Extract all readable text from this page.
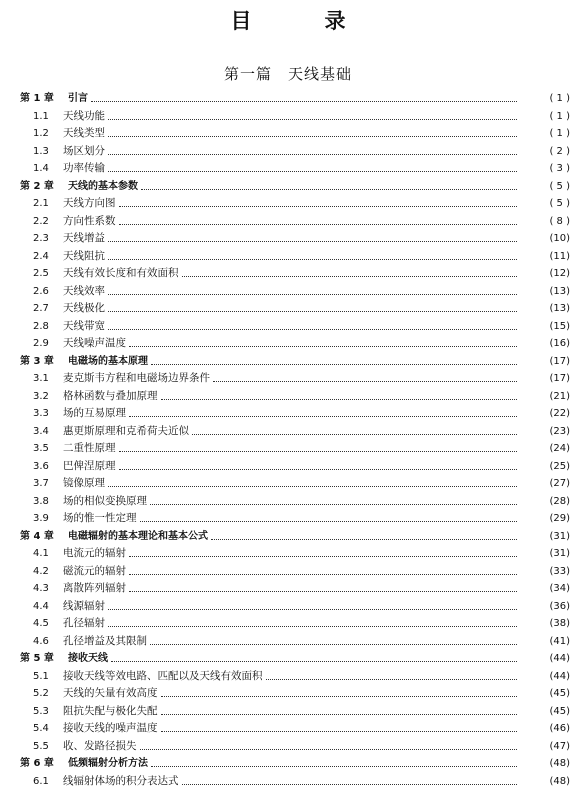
目　录
第一篇　天线基础
第 1 章	引言	( 1 )
1.1	天线功能	( 1 )
1.2	天线类型	( 1 )
1.3	场区划分	( 2 )
1.4	功率传输	( 3 )
第 2 章	天线的基本参数	( 5 )
2.1	天线方向图	( 5 )
2.2	方向性系数	( 8 )
2.3	天线增益	(10)
2.4	天线阻抗	(11)
2.5	天线有效长度和有效面积	(12)
2.6	天线效率	(13)
2.7	天线极化	(13)
2.8	天线带宽	(15)
2.9	天线噪声温度	(16)
第 3 章	电磁场的基本原理	(17)
3.1	麦克斯韦方程和电磁场边界条件	(17)
3.2	格林函数与叠加原理	(21)
3.3	场的互易原理	(22)
3.4	惠更斯原理和克希荷夫近似	(23)
3.5	二重性原理	(24)
3.6	巴俾涅原理	(25)
3.7	镜像原理	(27)
3.8	场的相似变换原理	(28)
3.9	场的惟一性定理	(29)
第 4 章	电磁辐射的基本理论和基本公式	(31)
4.1	电流元的辐射	(31)
4.2	磁流元的辐射	(33)
4.3	离散阵列辐射	(34)
4.4	线源辐射	(36)
4.5	孔径辐射	(38)
4.6	孔径增益及其限制	(41)
第 5 章	接收天线	(44)
5.1	接收天线等效电路、匹配以及天线有效面积	(44)
5.2	天线的矢量有效高度	(45)
5.3	阻抗失配与极化失配	(45)
5.4	接收天线的噪声温度	(46)
5.5	收、发路径损失	(47)
第 6 章	低频辐射分析方法	(48)
6.1	线辐射体场的积分表达式	(48)
